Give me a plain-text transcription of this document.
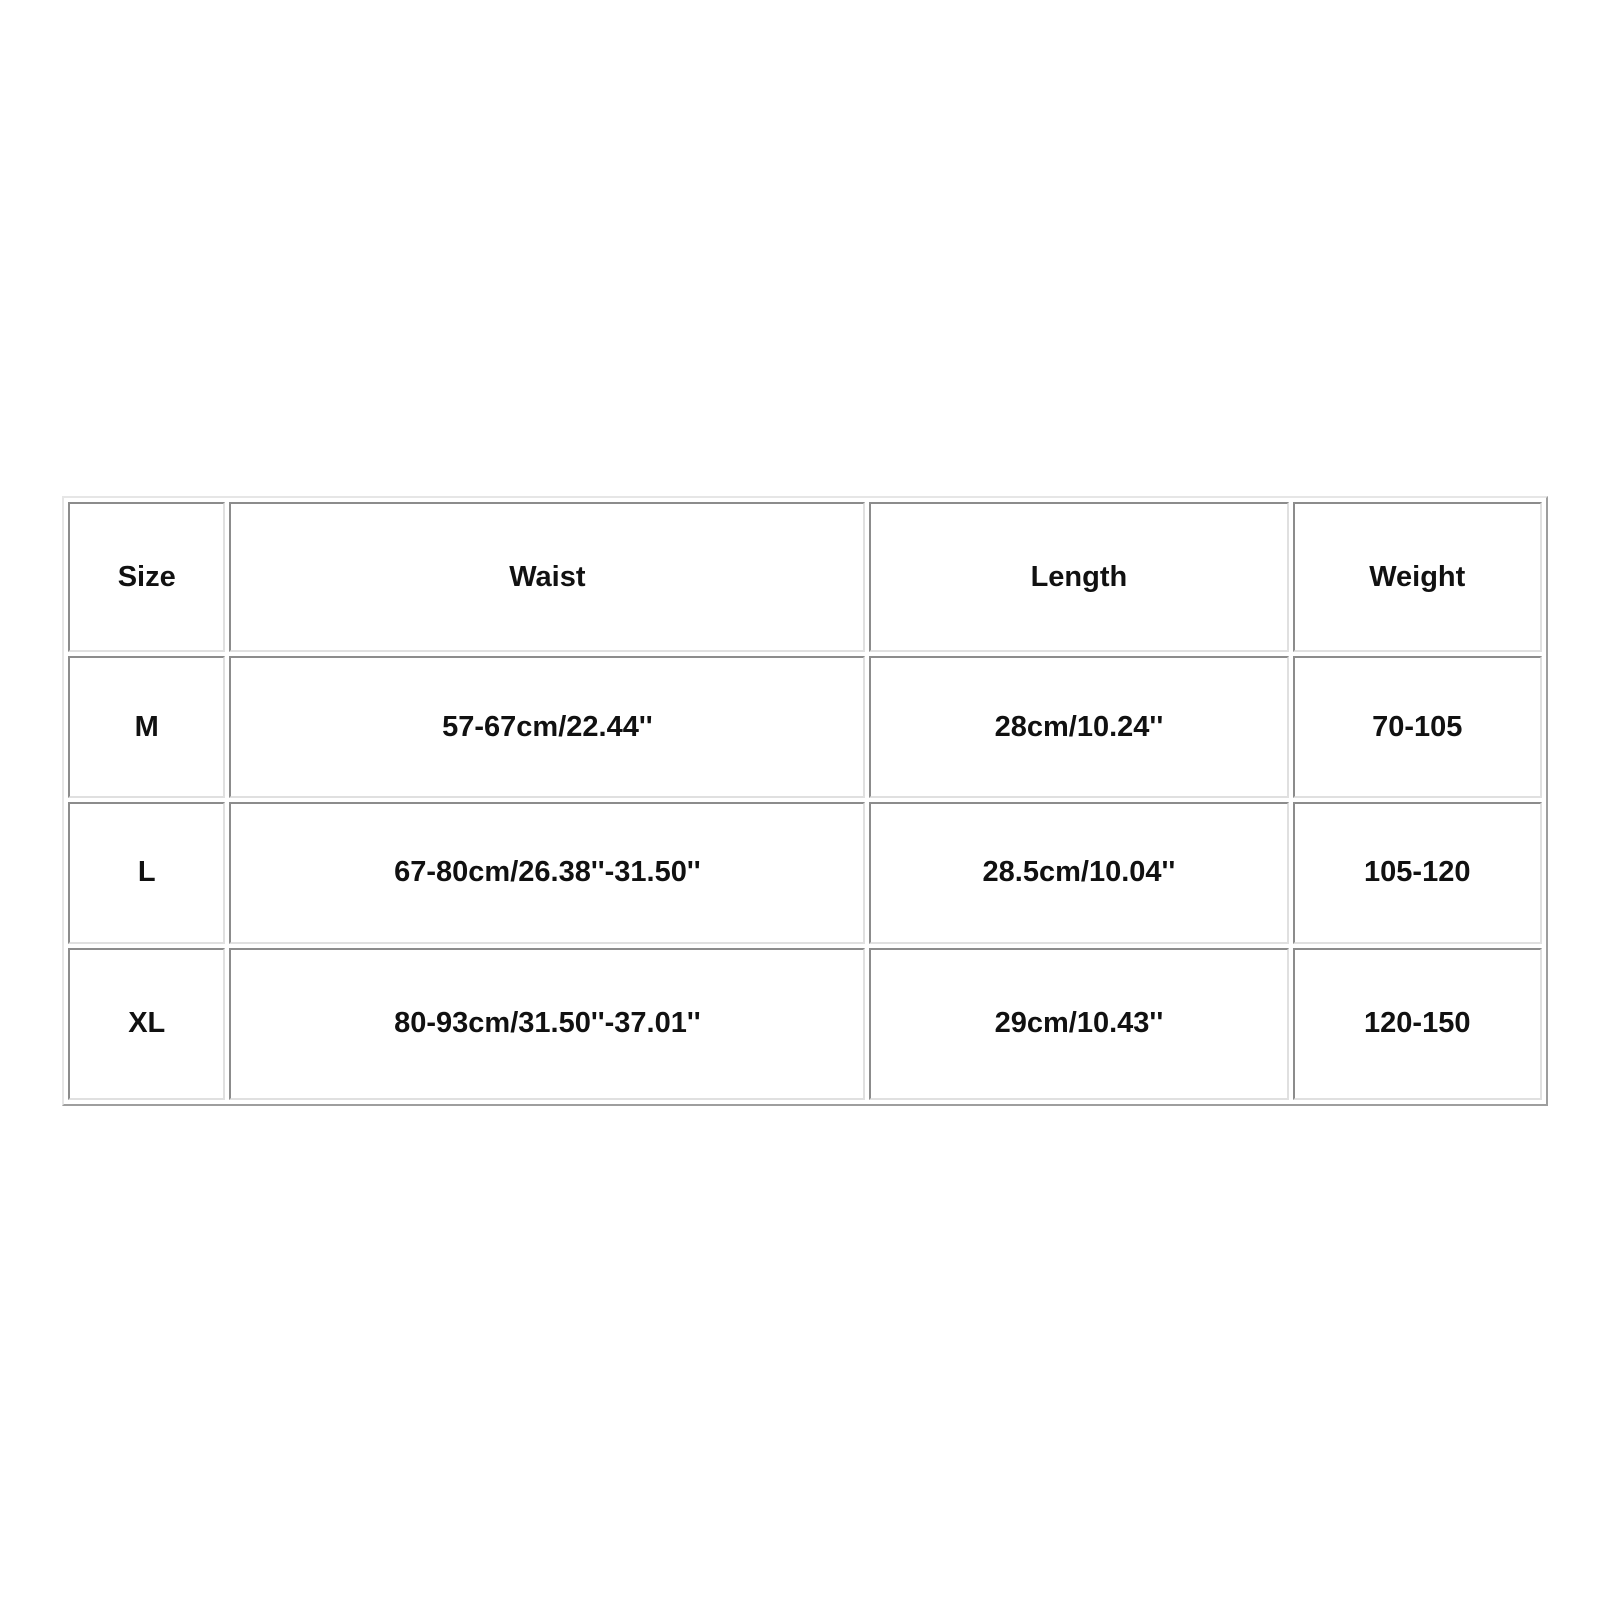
Size	Waist	Length	Weight
M	57-67cm/22.44''	28cm/10.24''	70-105
L	67-80cm/26.38''-31.50''	28.5cm/10.04''	105-120
XL	80-93cm/31.50''-37.01''	29cm/10.43''	120-150
